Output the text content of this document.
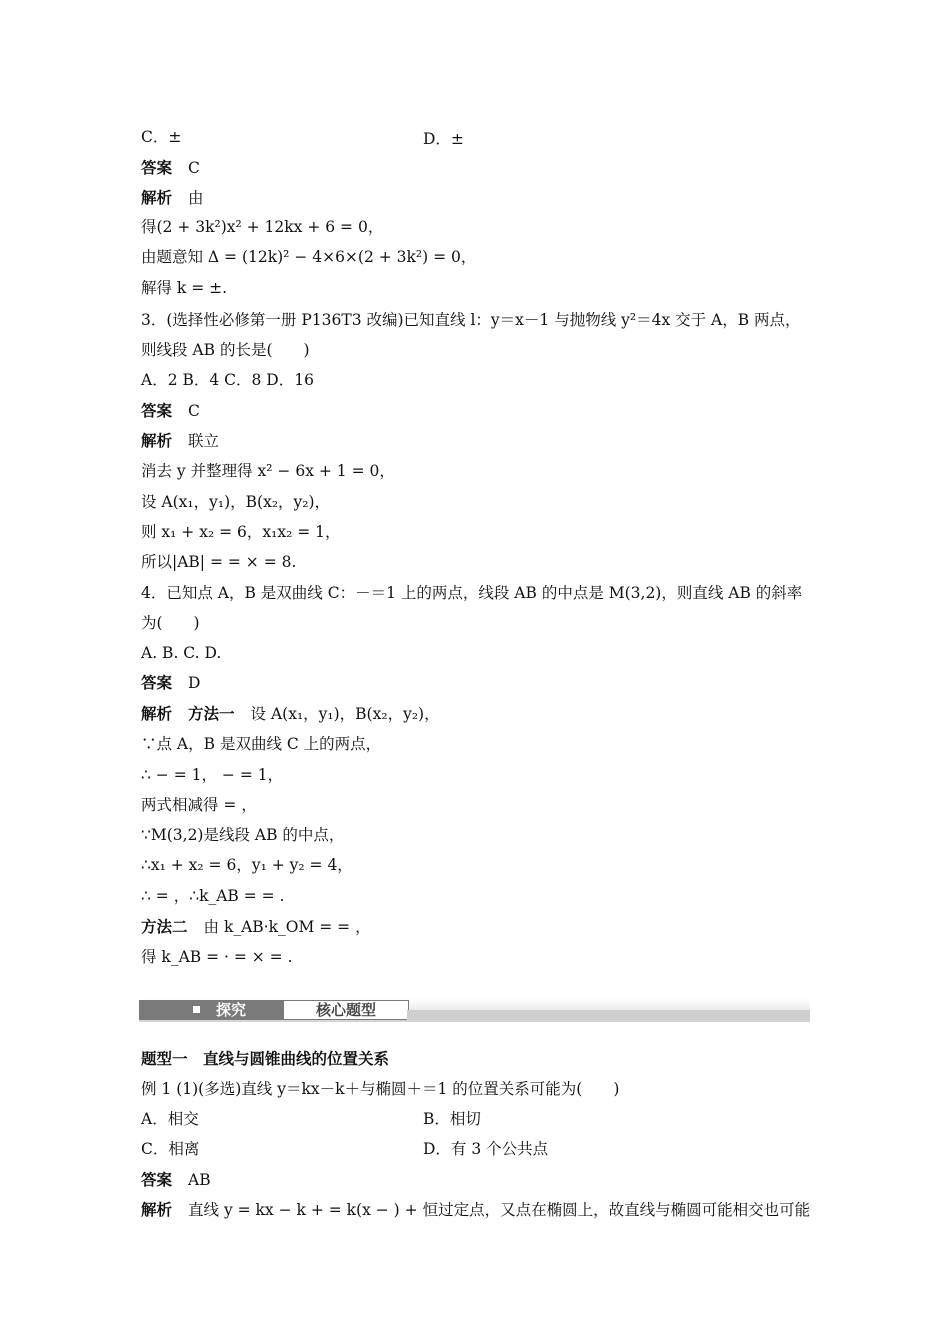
C．±	D．±
答案 C
解析 由
得(2 + 3k²)x² + 12kx + 6 = 0，
由题意知 Δ = (12k)² − 4×6×(2 + 3k²) = 0，
解得 k = ±.
3．(选择性必修第一册 P136T3 改编)已知直线 l：y＝x－1 与抛物线 y²＝4x 交于 A，B 两点，
则线段 AB 的长是(　　)
A．2 B．4 C．8 D．16
答案 C
解析 联立
消去 y 并整理得 x² − 6x + 1 = 0，
设 A(x₁，y₁)，B(x₂，y₂)，
则 x₁ + x₂ = 6，x₁x₂ = 1，
所以|AB| = = × = 8.
4．已知点 A，B 是双曲线 C：－＝1 上的两点，线段 AB 的中点是 M(3,2)，则直线 AB 的斜率
为(　　)
A. B. C. D.
答案 D
解析 方法一 设 A(x₁，y₁)，B(x₂，y₂)，
∵点 A，B 是双曲线 C 上的两点，
∴ − = 1， − = 1，
两式相减得 = ，
∵M(3,2)是线段 AB 的中点，
∴x₁ + x₂ = 6，y₁ + y₂ = 4，
∴ = ，∴k_AB = = .
方法二 由 k_AB·k_OM = = ，
得 k_AB = · = × = .
探究	核心题型
题型一　直线与圆锥曲线的位置关系
例 1 (1)(多选)直线 y＝kx－k＋与椭圆＋＝1 的位置关系可能为(　　)
A．相交	B．相切
C．相离	D．有 3 个公共点
答案 AB
解析 直线 y = kx − k + = k(x − ) + 恒过定点，又点在椭圆上，故直线与椭圆可能相交也可能
